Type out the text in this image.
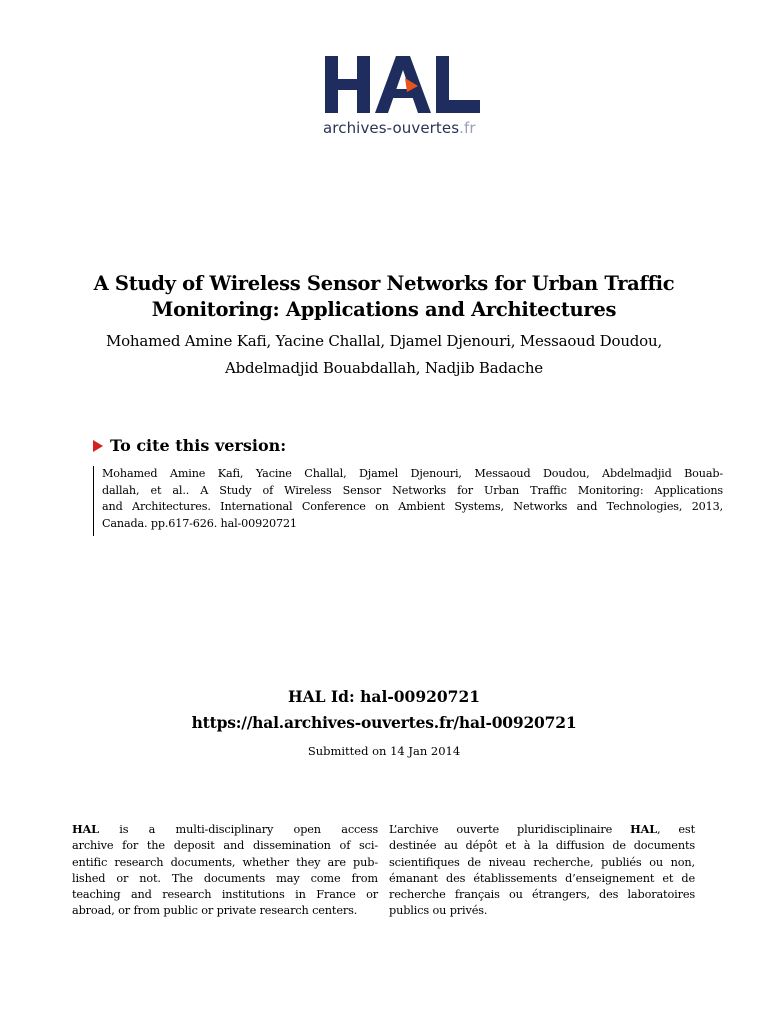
archives-ouvertes.fr
A Study of Wireless Sensor Networks for Urban Traffic
Monitoring: Applications and Architectures
Mohamed Amine Kafi, Yacine Challal, Djamel Djenouri, Messaoud Doudou,
Abdelmadjid Bouabdallah, Nadjib Badache
To cite this version:
Mohamed Amine Kafi, Yacine Challal, Djamel Djenouri, Messaoud Doudou, Abdelmadjid Bouab-
dallah, et al.. A Study of Wireless Sensor Networks for Urban Traffic Monitoring: Applications
and Architectures. International Conference on Ambient Systems, Networks and Technologies, 2013,
Canada. pp.617-626. hal-00920721
HAL Id: hal-00920721
https://hal.archives-ouvertes.fr/hal-00920721
Submitted on 14 Jan 2014
HAL is a multi-disciplinary open access
archive for the deposit and dissemination of sci-
entific research documents, whether they are pub-
lished or not. The documents may come from
teaching and research institutions in France or
abroad, or from public or private research centers.
L’archive ouverte pluridisciplinaire HAL, est
destinée au dépôt et à la diffusion de documents
scientifiques de niveau recherche, publiés ou non,
émanant des établissements d’enseignement et de
recherche français ou étrangers, des laboratoires
publics ou privés.
